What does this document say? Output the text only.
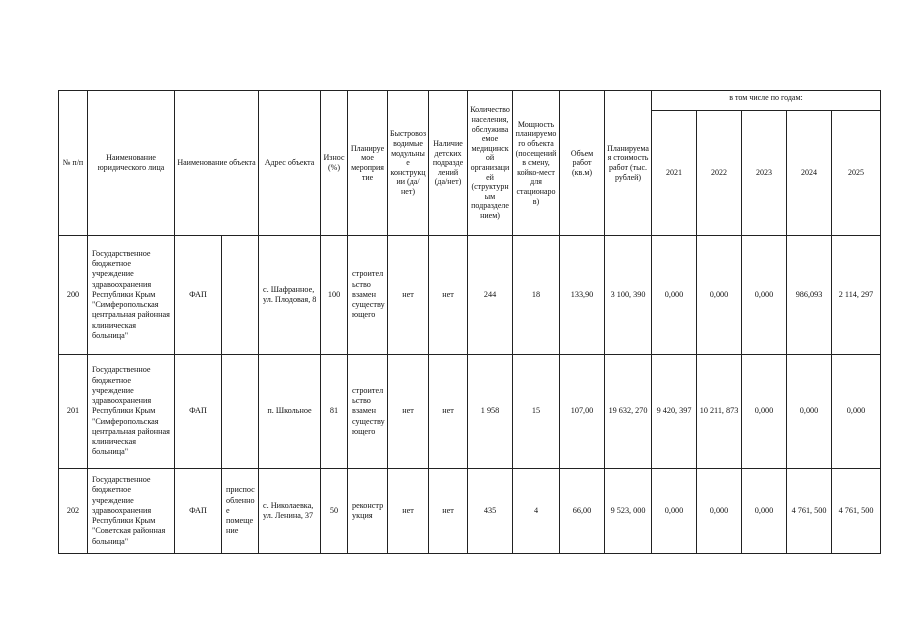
№ п/п	Наименование юридического лица	Наименование объекта		Адрес объекта	Износ (%)	Планируемое мероприятие	Быстровозводимые модульные конструкции (да/нет)	Наличие детских подразделений (да/нет)	Количество населения, обслуживаемое медицинской организацией (структурным подразделением)	Мощность планируемого объекта (посещений в смену, койко-мест для стационаров)	Объем работ (кв.м)	Планируемая стоимость работ (тыс. рублей)	в том числе по годам:				
													2021	2022	2023	2024	2025
200	Государственное бюджетное учреждение здравоохранения Республики Крым "Симферопольская центральная районная клиническая больница"	ФАП		с. Шафранное, ул. Плодовая, 8	100	строительство взамен существующего	нет	нет	244	18	133,90	3 100, 390	0,000	0,000	0,000	986,093	2 114, 297
201	Государственное бюджетное учреждение здравоохранения Республики Крым "Симферопольская центральная районная клиническая больница"	ФАП		п. Школьное	81	строительство взамен существующего	нет	нет	1 958	15	107,00	19 632, 270	9 420, 397	10 211, 873	0,000	0,000	0,000
202	Государственное бюджетное учреждение здравоохранения Республики Крым "Советская районная больница"	ФАП	приспособленное помещение	с. Николаевка, ул. Ленина, 37	50	реконструкция	нет	нет	435	4	66,00	9 523, 000	0,000	0,000	0,000	4 761, 500	4 761, 500
